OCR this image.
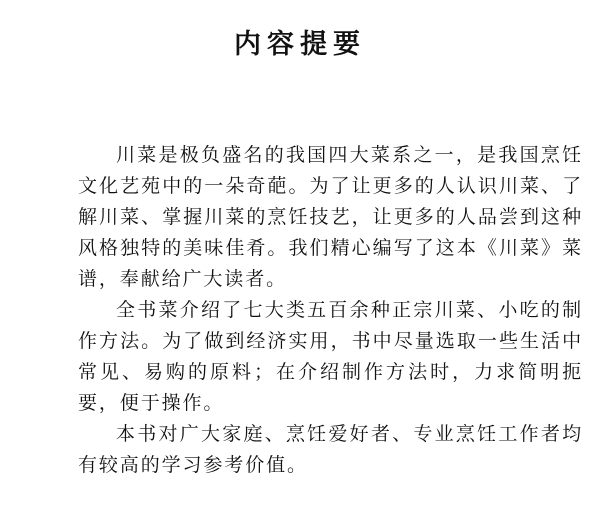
内容提要

川菜是极负盛名的我国四大菜系之一，是我国烹饪文化艺苑中的一朵奇葩。为了让更多的人认识川菜、了解川菜、掌握川菜的烹饪技艺，让更多的人品尝到这种风格独特的美味佳肴。我们精心编写了这本《川菜》菜谱，奉献给广大读者。

全书菜介绍了七大类五百余种正宗川菜、小吃的制作方法。为了做到经济实用，书中尽量选取一些生活中常见、易购的原料；在介绍制作方法时，力求简明扼要，便于操作。

本书对广大家庭、烹饪爱好者、专业烹饪工作者均有较高的学习参考价值。
